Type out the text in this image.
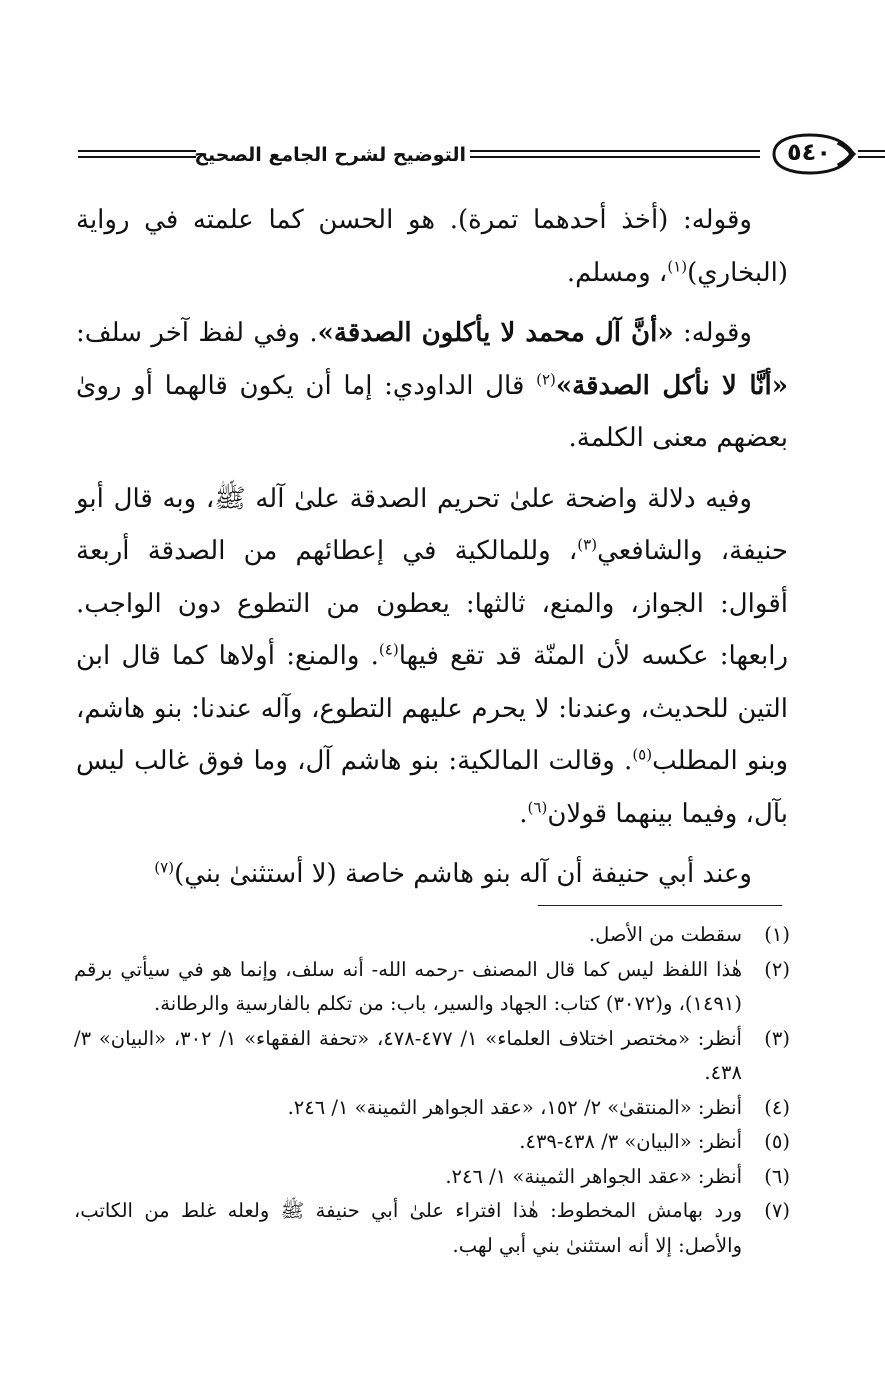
التوضيح لشرح الجامع الصحيح	٥٤٠

وقوله: (أخذ أحدهما تمرة). هو الحسن كما علمته في رواية (البخاري)$^{(١)}$، ومسلم.

وقوله: «أنَّ آل محمد لا يأكلون الصدقة». وفي لفظ آخر سلف: «أنَّا لا نأكل الصدقة»$^{(٢)}$ قال الداودي: إما أن يكون قالهما أو روىٰ بعضهم معنى الكلمة.

وفيه دلالة واضحة علىٰ تحريم الصدقة علىٰ آله ﷺ، وبه قال أبو حنيفة، والشافعي$^{(٣)}$، وللمالكية في إعطائهم من الصدقة أربعة أقوال: الجواز، والمنع، ثالثها: يعطون من التطوع دون الواجب. رابعها: عكسه لأن المنّة قد تقع فيها$^{(٤)}$. والمنع: أولاها كما قال ابن التين للحديث، وعندنا: لا يحرم عليهم التطوع، وآله عندنا: بنو هاشم، وبنو المطلب$^{(٥)}$. وقالت المالكية: بنو هاشم آل، وما فوق غالب ليس بآل، وفيما بينهما قولان$^{(٦)}$.

وعند أبي حنيفة أن آله بنو هاشم خاصة (لا أستثنىٰ بني)$^{(٧)}$

(١)
سقطت من الأصل.
(٢)
هٰذا اللفظ ليس كما قال المصنف -رحمه الله- أنه سلف، وإنما هو في سيأتي برقم (١٤٩١)، و(٣٠٧٢) كتاب: الجهاد والسير، باب: من تكلم بالفارسية والرطانة.
(٣)
أنظر: «مختصر اختلاف العلماء» ١/ ٤٧٧-٤٧٨، «تحفة الفقهاء» ١/ ٣٠٢، «البيان» ٣/ ٤٣٨.
(٤)
أنظر: «المنتقىٰ» ٢/ ١٥٢، «عقد الجواهر الثمينة» ١/ ٢٤٦.
(٥)
أنظر: «البيان» ٣/ ٤٣٨-٤٣٩.
(٦)
أنظر: «عقد الجواهر الثمينة» ١/ ٢٤٦.
(٧)
ورد بهامش المخطوط: هٰذا افتراء علىٰ أبي حنيفة ﷺ ولعله غلط من الكاتب، والأصل: إلا أنه استثنىٰ بني أبي لهب.
